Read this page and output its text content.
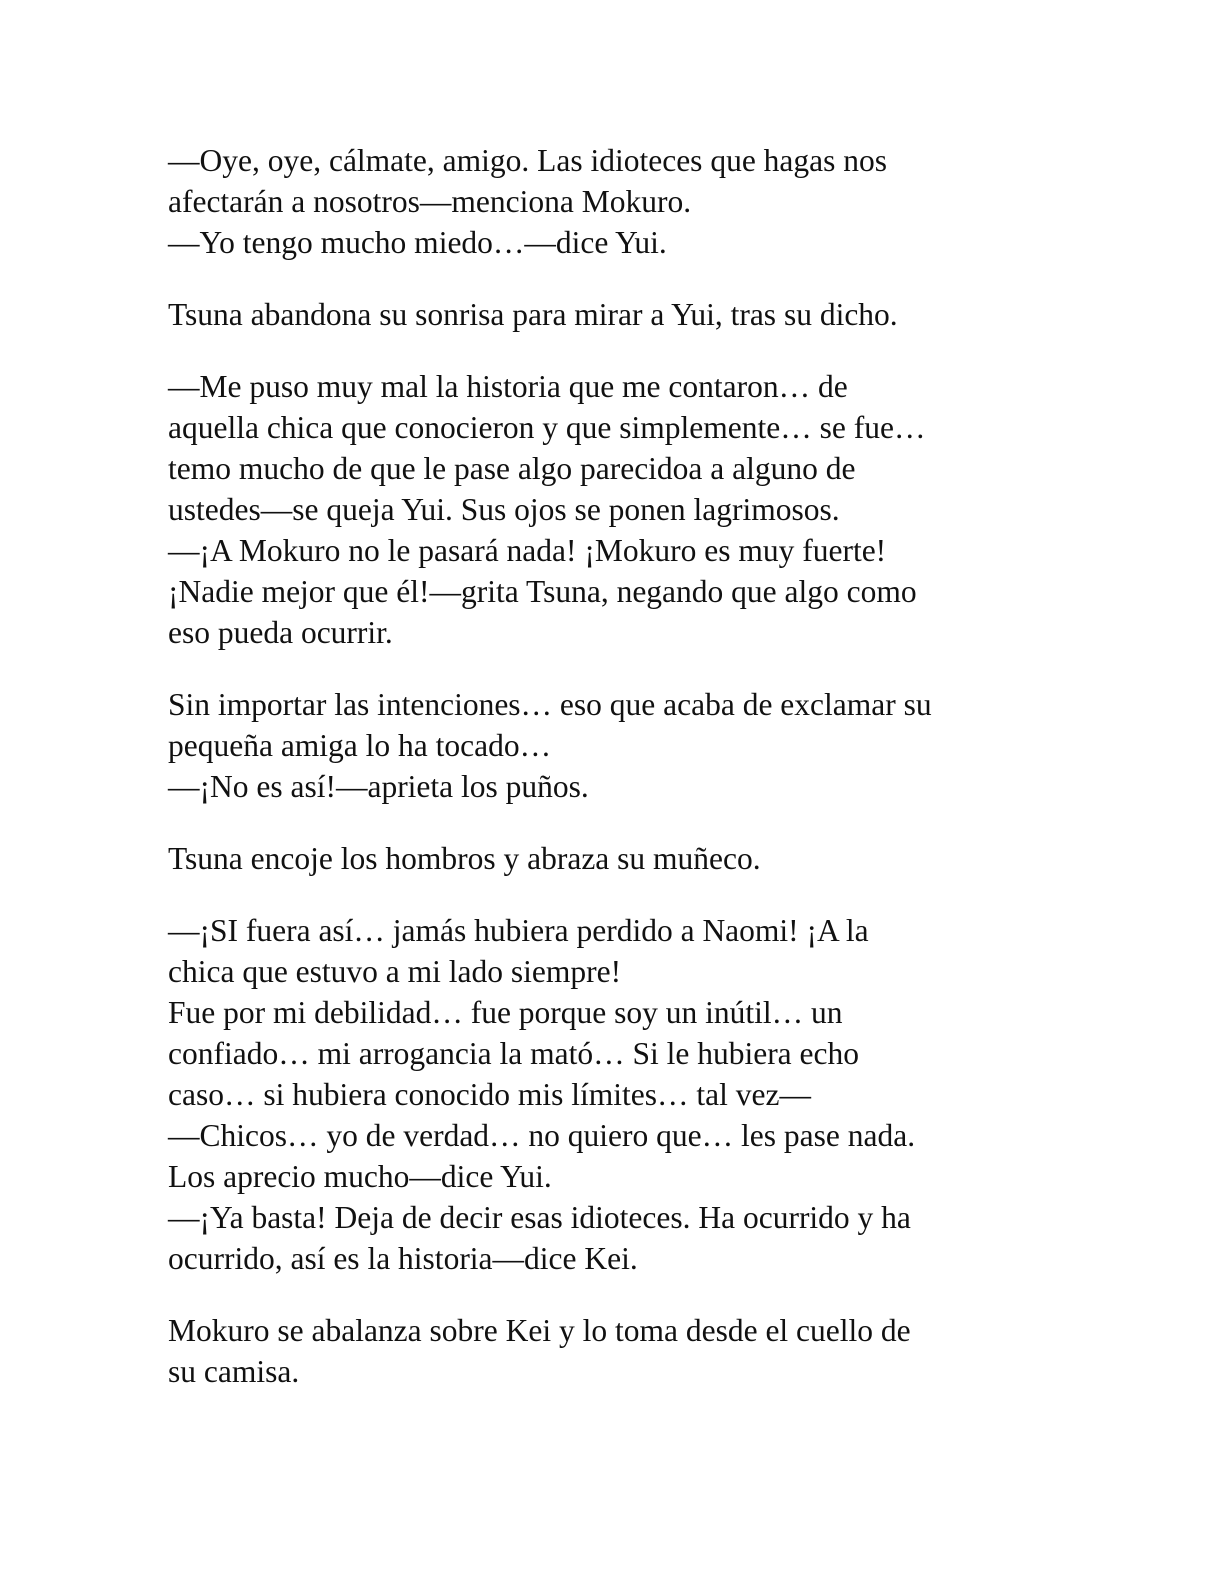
—Oye, oye, cálmate, amigo. Las idioteces que hagas nos
afectarán a nosotros—menciona Mokuro.
—Yo tengo mucho miedo…—dice Yui.
Tsuna abandona su sonrisa para mirar a Yui, tras su dicho.
—Me puso muy mal la historia que me contaron… de
aquella chica que conocieron y que simplemente… se fue…
temo mucho de que le pase algo parecidoa a alguno de
ustedes—se queja Yui. Sus ojos se ponen lagrimosos.
—¡A Mokuro no le pasará nada! ¡Mokuro es muy fuerte!
¡Nadie mejor que él!—grita Tsuna, negando que algo como
eso pueda ocurrir.
Sin importar las intenciones… eso que acaba de exclamar su
pequeña amiga lo ha tocado…
—¡No es así!—aprieta los puños.
Tsuna encoje los hombros y abraza su muñeco.
—¡SI fuera así… jamás hubiera perdido a Naomi! ¡A la
chica que estuvo a mi lado siempre!
Fue por mi debilidad… fue porque soy un inútil… un
confiado… mi arrogancia la mató… Si le hubiera echo
caso… si hubiera conocido mis límites… tal vez—
—Chicos… yo de verdad… no quiero que… les pase nada.
Los aprecio mucho—dice Yui.
—¡Ya basta! Deja de decir esas idioteces. Ha ocurrido y ha
ocurrido, así es la historia—dice Kei.
Mokuro se abalanza sobre Kei y lo toma desde el cuello de
su camisa.
